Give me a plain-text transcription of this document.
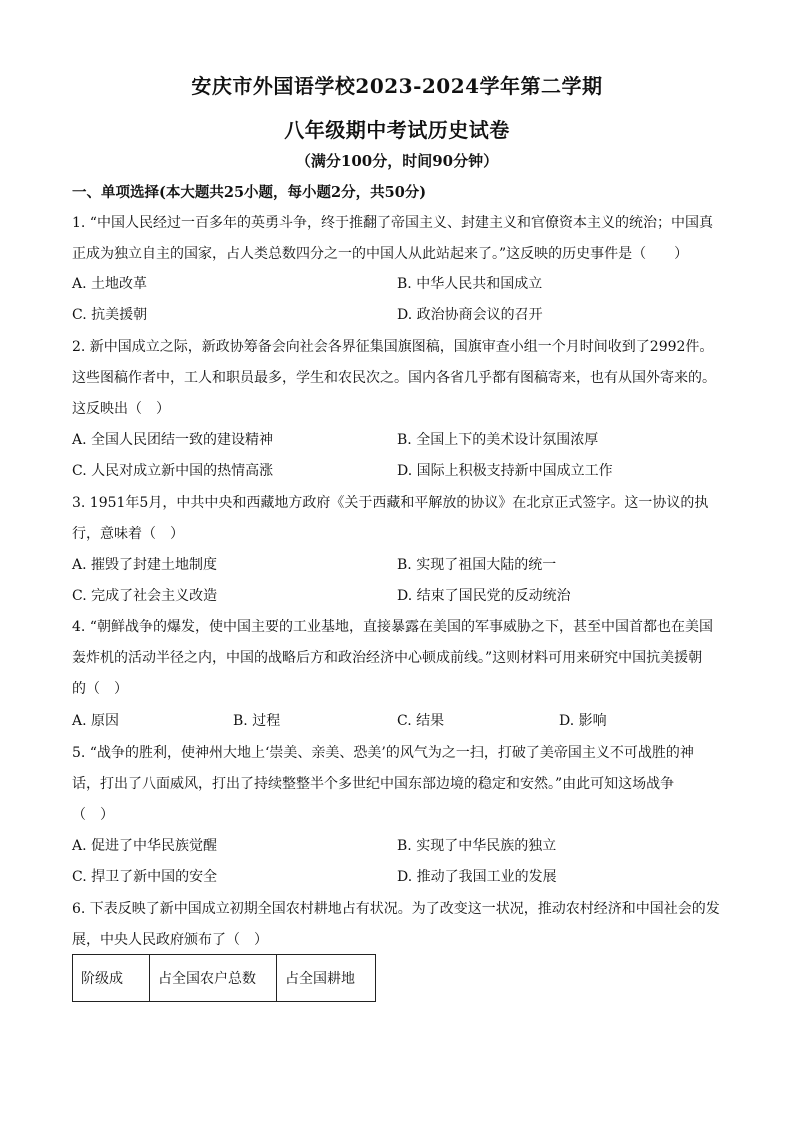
安庆市外国语学校2023-2024学年第二学期
八年级期中考试历史试卷
（满分100分，时间90分钟）
一、单项选择(本大题共25小题，每小题2分，共50分)
1. “中国人民经过一百多年的英勇斗争，终于推翻了帝国主义、封建主义和官僚资本主义的统治；中国真
正成为独立自主的国家，占人类总数四分之一的中国人从此站起来了。”这反映的历史事件是（　　）
A. 土地改革	B. 中华人民共和国成立
C. 抗美援朝	D. 政治协商会议的召开
2. 新中国成立之际，新政协筹备会向社会各界征集国旗图稿，国旗审查小组一个月时间收到了2992件。
这些图稿作者中，工人和职员最多，学生和农民次之。国内各省几乎都有图稿寄来，也有从国外寄来的。
这反映出（　）
A. 全国人民团结一致的建设精神	B. 全国上下的美术设计氛围浓厚
C. 人民对成立新中国的热情高涨	D. 国际上积极支持新中国成立工作
3. 1951年5月，中共中央和西藏地方政府《关于西藏和平解放的协议》在北京正式签字。这一协议的执
行，意味着（　）
A. 摧毁了封建土地制度	B. 实现了祖国大陆的统一
C. 完成了社会主义改造	D. 结束了国民党的反动统治
4. “朝鲜战争的爆发，使中国主要的工业基地，直接暴露在美国的军事威胁之下，甚至中国首都也在美国
轰炸机的活动半径之内，中国的战略后方和政治经济中心顿成前线。”这则材料可用来研究中国抗美援朝
的（　）
A. 原因	B. 过程	C. 结果	D. 影响
5. “战争的胜利，使神州大地上‘崇美、亲美、恐美’的风气为之一扫，打破了美帝国主义不可战胜的神
话，打出了八面威风，打出了持续整整半个多世纪中国东部边境的稳定和安然。”由此可知这场战争
（　）
A. 促进了中华民族觉醒	B. 实现了中华民族的独立
C. 捍卫了新中国的安全	D. 推动了我国工业的发展
6. 下表反映了新中国成立初期全国农村耕地占有状况。为了改变这一状况，推动农村经济和中国社会的发
展，中央人民政府颁布了（　）
阶级成	占全国农户总数	占全国耕地
